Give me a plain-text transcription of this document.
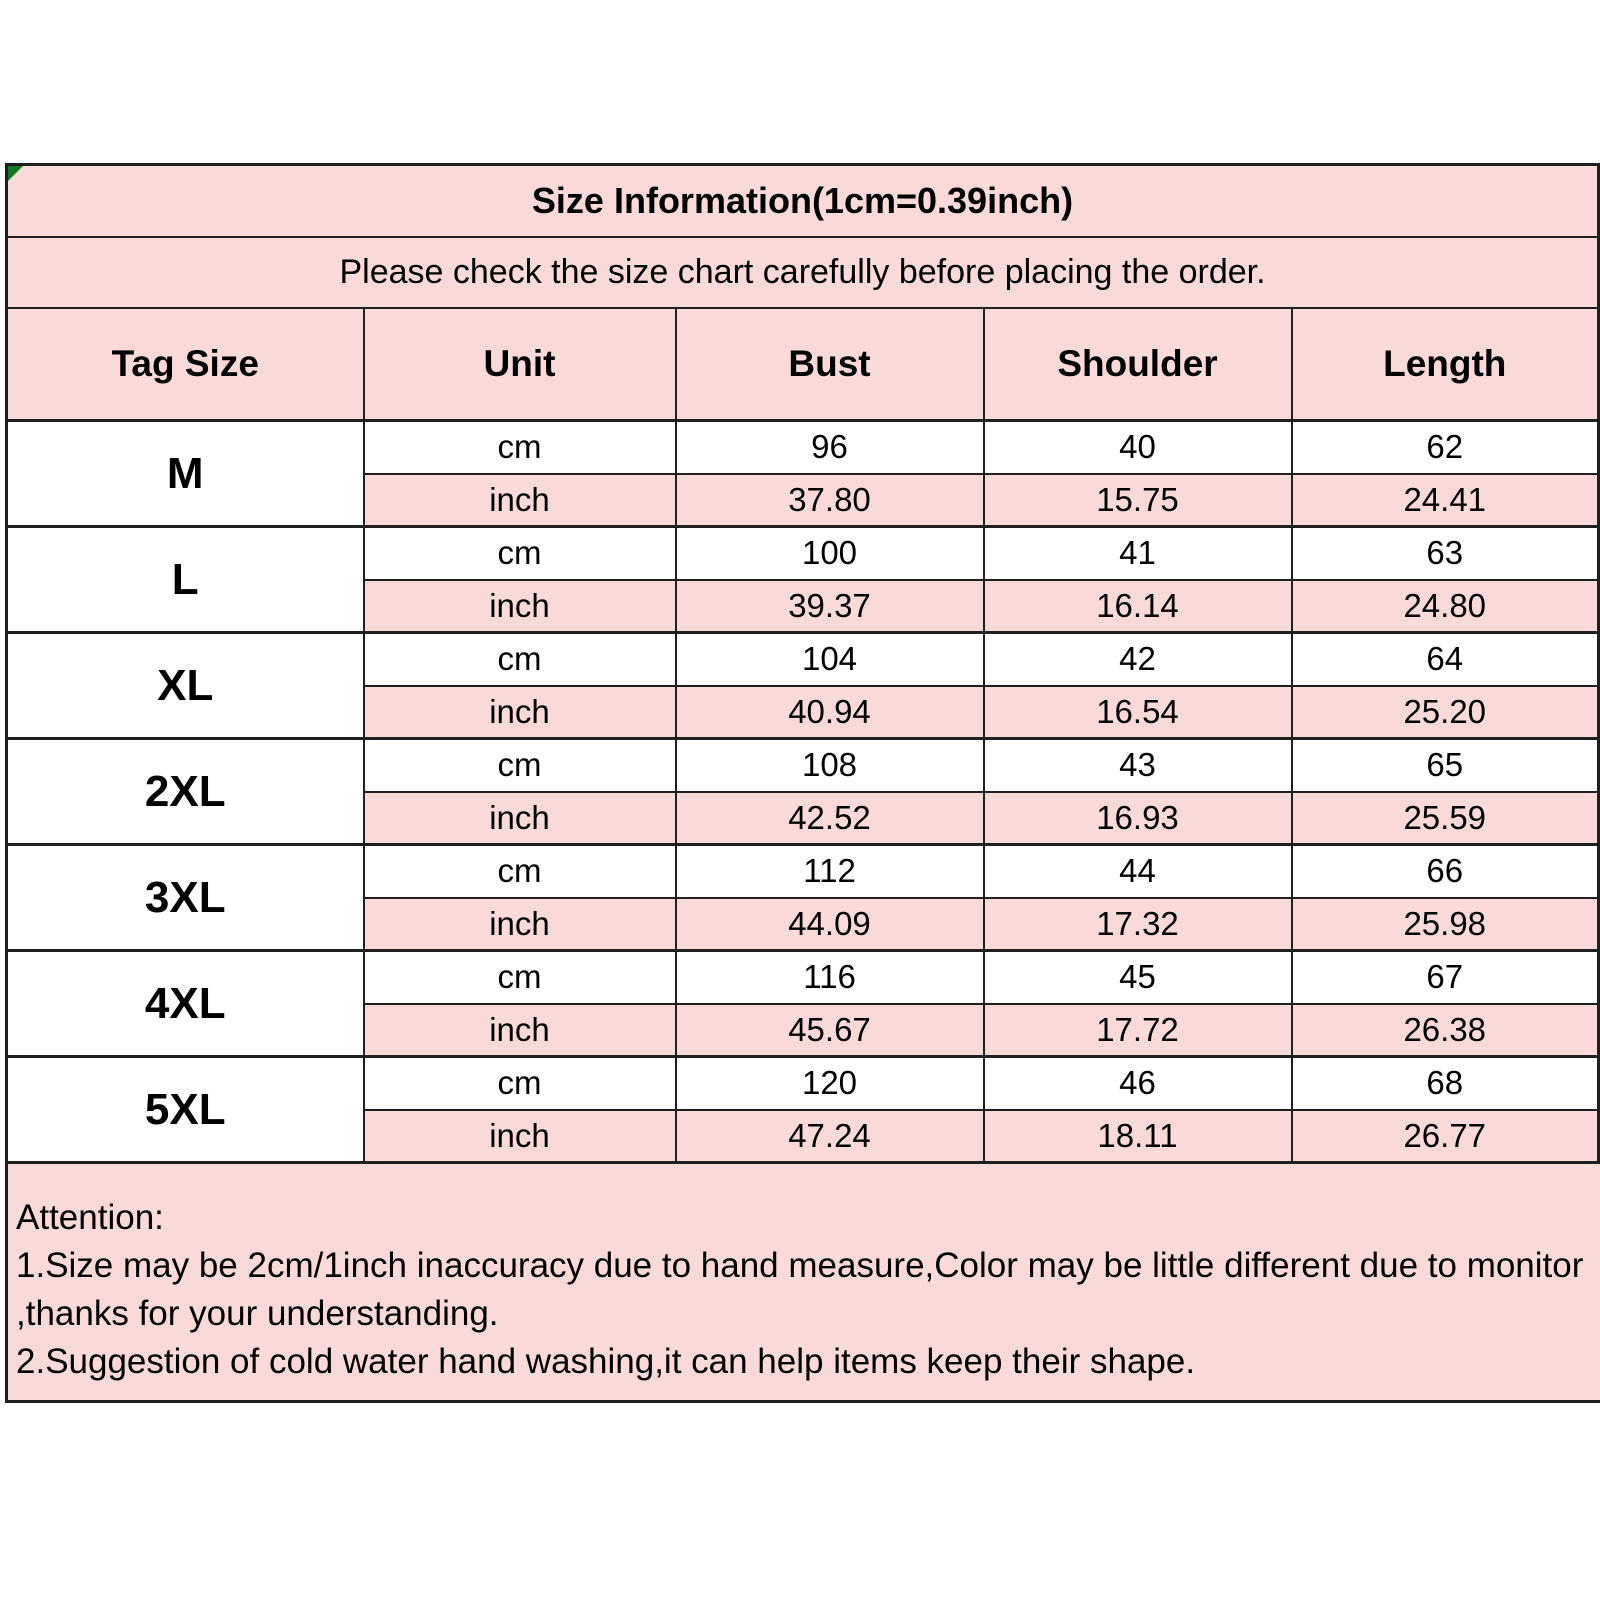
Size Information(1cm=0.39inch)				
Please check the size chart carefully before placing the order.				
Tag Size	Unit	Bust	Shoulder	Length
M	cm	96	40	62
	inch	37.80	15.75	24.41
L	cm	100	41	63
	inch	39.37	16.14	24.80
XL	cm	104	42	64
	inch	40.94	16.54	25.20
2XL	cm	108	43	65
	inch	42.52	16.93	25.59
3XL	cm	112	44	66
	inch	44.09	17.32	25.98
4XL	cm	116	45	67
	inch	45.67	17.72	26.38
5XL	cm	120	46	68
	inch	47.24	18.11	26.77
Attention:
1.Size may be 2cm/1inch inaccuracy due to hand measure,Color may be little different due to monitor ,thanks for your understanding.
2.Suggestion of cold water hand washing,it can help items keep their shape.
